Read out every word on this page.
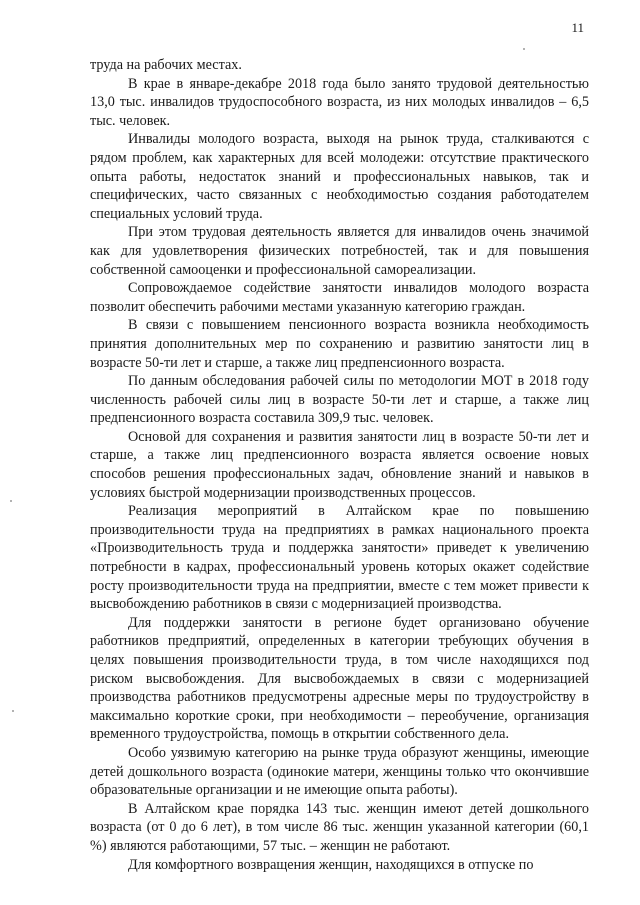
11

труда на рабочих местах.

В крае в январе-декабре 2018 года было занято трудовой деятельностью 13,0 тыс. инвалидов трудоспособного возраста, из них молодых инвалидов – 6,5 тыс. человек.

Инвалиды молодого возраста, выходя на рынок труда, сталкиваются с рядом проблем, как характерных для всей молодежи: отсутствие практического опыта работы, недостаток знаний и профессиональных навыков, так и специфических, часто связанных с необходимостью создания работодателем специальных условий труда.

При этом трудовая деятельность является для инвалидов очень значимой как для удовлетворения физических потребностей, так и для повышения собственной самооценки и профессиональной самореализации.

Сопровождаемое содействие занятости инвалидов молодого возраста позволит обеспечить рабочими местами указанную категорию граждан.

В связи с повышением пенсионного возраста возникла необходимость принятия дополнительных мер по сохранению и развитию занятости лиц в возрасте 50-ти лет и старше, а также лиц предпенсионного возраста.

По данным обследования рабочей силы по методологии МОТ в 2018 году численность рабочей силы лиц в возрасте 50-ти лет и старше, а также лиц предпенсионного возраста составила 309,9 тыс. человек.

Основой для сохранения и развития занятости лиц в возрасте 50-ти лет и старше, а также лиц предпенсионного возраста является освоение новых способов решения профессиональных задач, обновление знаний и навыков в условиях быстрой модернизации производственных процессов.

Реализация мероприятий в Алтайском крае по повышению производительности труда на предприятиях в рамках национального проекта «Производительность труда и поддержка занятости» приведет к увеличению потребности в кадрах, профессиональный уровень которых окажет содействие росту производительности труда на предприятии, вместе с тем может привести к высвобождению работников в связи с модернизацией производства.

Для поддержки занятости в регионе будет организовано обучение работников предприятий, определенных в категории требующих обучения в целях повышения производительности труда, в том числе находящихся под риском высвобождения. Для высвобождаемых в связи с модернизацией производства работников предусмотрены адресные меры по трудоустройству в максимально короткие сроки, при необходимости – переобучение, организация временного трудоустройства, помощь в открытии собственного дела.

Особо уязвимую категорию на рынке труда образуют женщины, имеющие детей дошкольного возраста (одинокие матери, женщины только что окончившие образовательные организации и не имеющие опыта работы).

В Алтайском крае порядка 143 тыс. женщин имеют детей дошкольного возраста (от 0 до 6 лет), в том числе 86 тыс. женщин указанной категории (60,1 %) являются работающими, 57 тыс. – женщин не работают.

Для комфортного возвращения женщин, находящихся в отпуске по
